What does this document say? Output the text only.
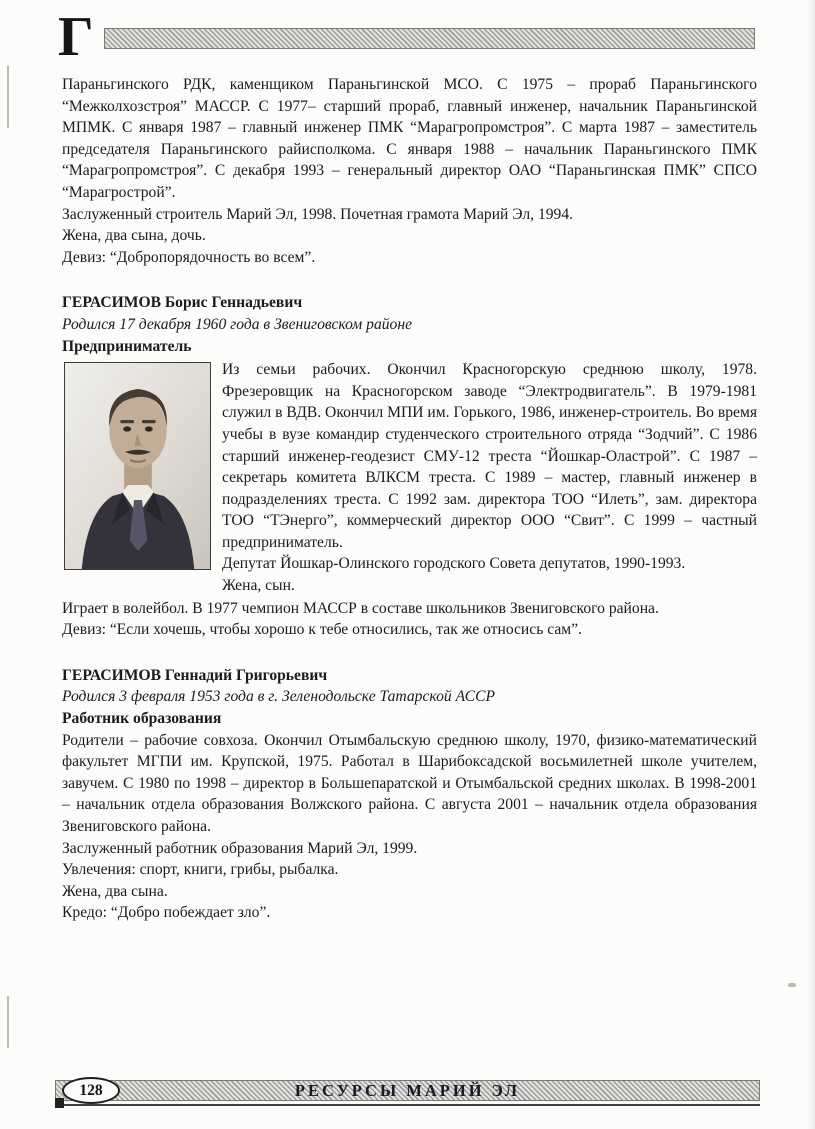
Г

Параньгинского РДК, каменщиком Параньгинской МСО. С 1975 – прораб Параньгинского “Межколхозстроя” МАССР. С 1977– старший прораб, главный инженер, начальник Параньгинской МПМК. С января 1987 – главный инженер ПМК “Марагропромстроя”. С марта 1987 – заместитель председателя Параньгинского райисполкома. С января 1988 – начальник Параньгинского ПМК “Марагропромстроя”. С декабря 1993 – генеральный директор ОАО “Параньгинская ПМК” СПСО “Марагрострой”.

Заслуженный строитель Марий Эл, 1998. Почетная грамота Марий Эл, 1994.

Жена, два сына, дочь.

Девиз: “Добропорядочность во всем”.

ГЕРАСИМОВ Борис Геннадьевич

Родился 17 декабря 1960 года в Звениговском районе

Предприниматель

Из семьи рабочих. Окончил Красногорскую среднюю школу, 1978. Фрезеровщик на Красногорском заводе “Электродвигатель”. В 1979-1981 служил в ВДВ. Окончил МПИ им. Горького, 1986, инженер-строитель. Во время учебы в вузе командир студенческого строительного отряда “Зодчий”. С 1986 старший инженер-геодезист СМУ-12 треста “Йошкар-Оластрой”. С 1987 – секретарь комитета ВЛКСМ треста. С 1989 – мастер, главный инженер в подразделениях треста. С 1992 зам. директора ТОО “Илеть”, зам. директора ТОО “ТЭнерго”, коммерческий директор ООО “Свит”. С 1999 – частный предприниматель.

Депутат Йошкар-Олинского городского Совета депутатов, 1990-1993.

Жена, сын.

Играет в волейбол. В 1977 чемпион МАССР в составе школьников Звениговского района.

Девиз: “Если хочешь, чтобы хорошо к тебе относились, так же относись сам”.

ГЕРАСИМОВ Геннадий Григорьевич

Родился 3 февраля 1953 года в г. Зеленодольске Татарской АССР

Работник образования

Родители – рабочие совхоза. Окончил Отымбальскую среднюю школу, 1970, физико-математический факультет МГПИ им. Крупской, 1975. Работал в Шарибоксадской восьмилетней школе учителем, завучем. С 1980 по 1998 – директор в Большепаратской и Отымбальской средних школах. В 1998-2001 – начальник отдела образования Волжского района. С августа 2001 – начальник отдела образования Звениговского района.

Заслуженный работник образования Марий Эл, 1999.

Увлечения: спорт, книги, грибы, рыбалка.

Жена, два сына.

Кредо: “Добро побеждает зло”.

РЕСУРСЫ МАРИЙ ЭЛ
128
